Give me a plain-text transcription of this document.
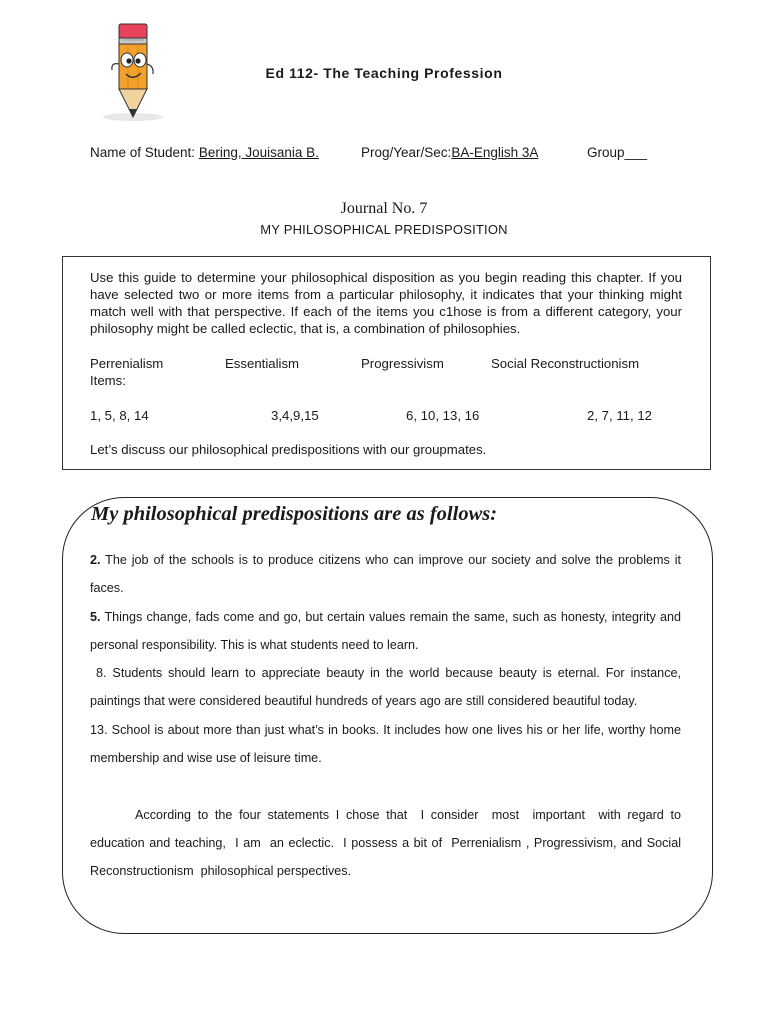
Ed 112- The Teaching Profession
Name of Student: Bering, Jouisania B.	Prog/Year/Sec:BA-English 3A	Group___
Journal No. 7
MY PHILOSOPHICAL PREDISPOSITION
Use this guide to determine your philosophical disposition as you begin reading this chapter. If you have selected two or more items from a particular philosophy, it indicates that your thinking might match well with that perspective. If each of the items you c1hose is from a different category, your philosophy might be called eclectic, that is, a combination of philosophies.
Perrenialism	Essentialism	Progressivism	Social Reconstructionism
Items:
1, 5, 8, 14	3,4,9,15	6, 10, 13, 16	2, 7, 11, 12
Let’s discuss our philosophical predispositions with our groupmates.
My philosophical predispositions are as follows:

2. The job of the schools is to produce citizens who can improve our society and solve the problems it faces.

5. Things change, fads come and go, but certain values remain the same, such as honesty, integrity and personal responsibility. This is what students need to learn.

8. Students should learn to appreciate beauty in the world because beauty is eternal. For instance, paintings that were considered beautiful hundreds of years ago are still considered beautiful today.

13. School is about more than just what’s in books. It includes how one lives his or her life, worthy home membership and wise use of leisure time.

According to the four statements I chose that  I consider  most  important  with regard to education and teaching,  I am  an eclectic.  I possess a bit of  Perrenialism , Progressivism, and Social  Reconstructionism  philosophical perspectives.
